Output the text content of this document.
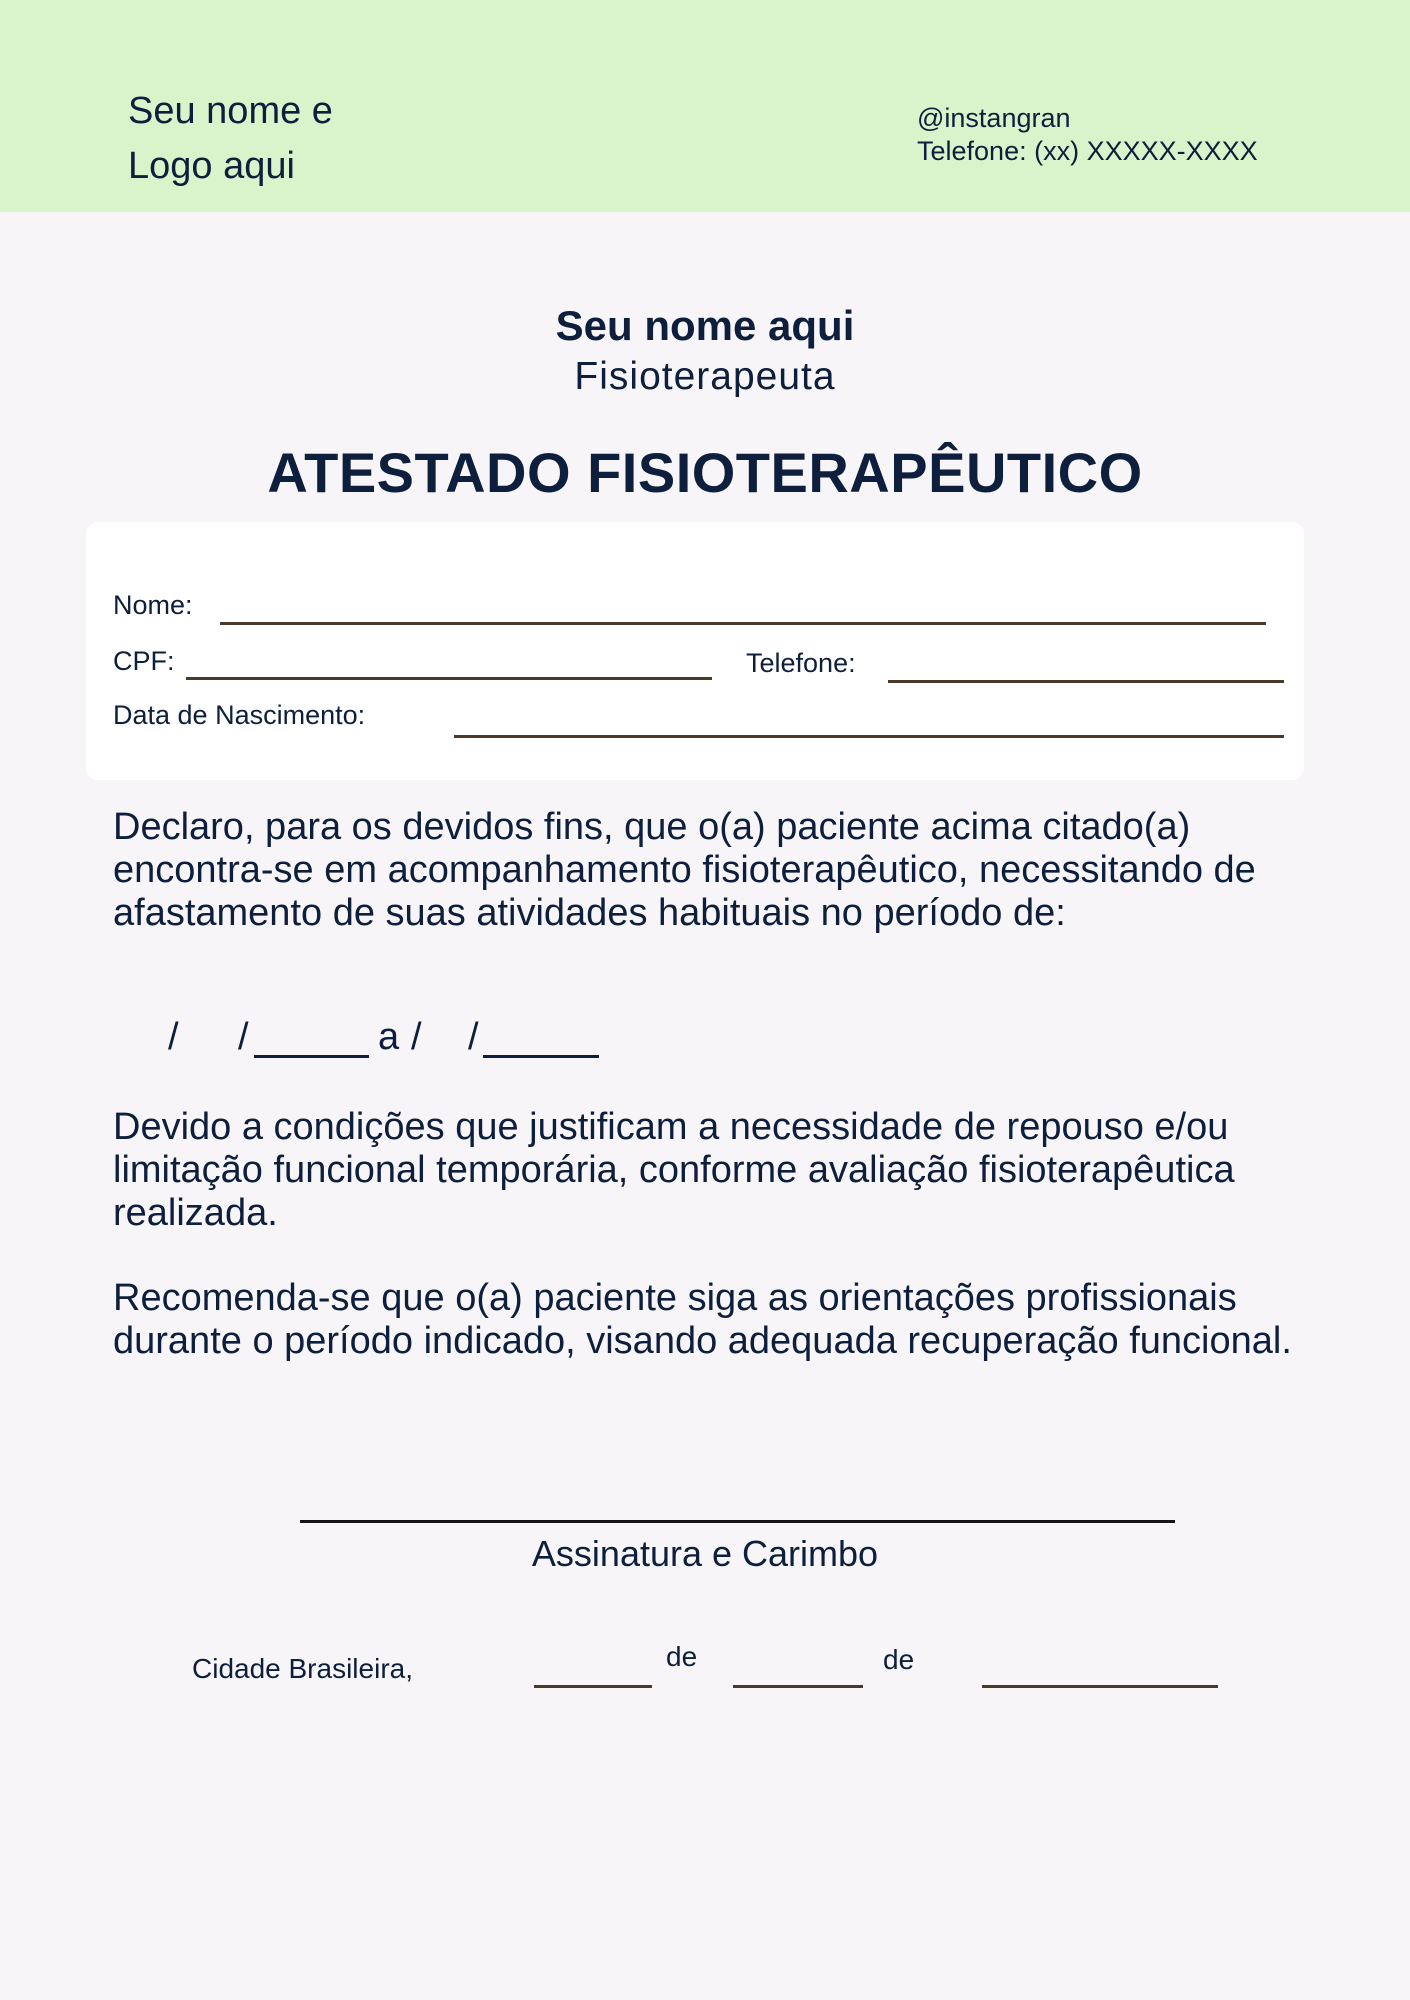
Seu nome e
Logo aqui
@instangran
Telefone: (xx) XXXXX-XXXX
Seu nome aqui
Fisioterapeuta
ATESTADO FISIOTERAPÊUTICO
Nome:
CPF:	Telefone:
Data de Nascimento:
Declaro, para os devidos fins, que o(a) paciente acima citado(a) encontra-se em acompanhamento fisioterapêutico, necessitando de afastamento de suas atividades habituais no período de:
/ /	a / /
Devido a condições que justificam a necessidade de repouso e/ou limitação funcional temporária, conforme avaliação fisioterapêutica realizada.
Recomenda-se que o(a) paciente siga as orientações profissionais durante o período indicado, visando adequada recuperação funcional.
Assinatura e Carimbo
Cidade Brasileira,	de	de
